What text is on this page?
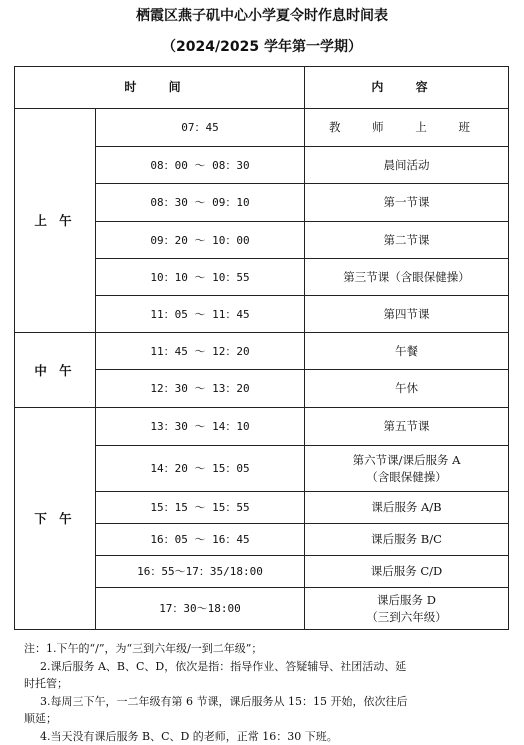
栖霞区燕子矶中心小学夏令时作息时间表
（2024/2025 学年第一学期）
时 间		内 容
上 午	07：45	教 师 上 班
	08：00 ～ 08：30	晨间活动
	08：30 ～ 09：10	第一节课
	09：20 ～ 10：00	第二节课
	10：10 ～ 10：55	第三节课（含眼保健操）
	11：05 ～ 11：45	第四节课
中 午	11：45 ～ 12：20	午餐
	12：30 ～ 13：20	午休
下 午	13：30 ～ 14：10	第五节课
	14：20 ～ 15：05	第六节课/课后服务 A
（含眼保健操）

	15：15 ～ 15：55	课后服务 A/B
	16：05 ～ 16：45	课后服务 B/C
	16：55～17：35/18:00	课后服务 C/D
	17：30～18:00	课后服务 D
（三到六年级）
注：1.下午的“/”，为“三到六年级/一到二年级”；
2.课后服务 A、B、C、D，依次是指：指导作业、答疑辅导、社团活动、延
时托管；
3.每周三下午，一二年级有第 6 节课，课后服务从 15：15 开始，依次往后
顺延；
4.当天没有课后服务 B、C、D 的老师，正常 16：30 下班。
